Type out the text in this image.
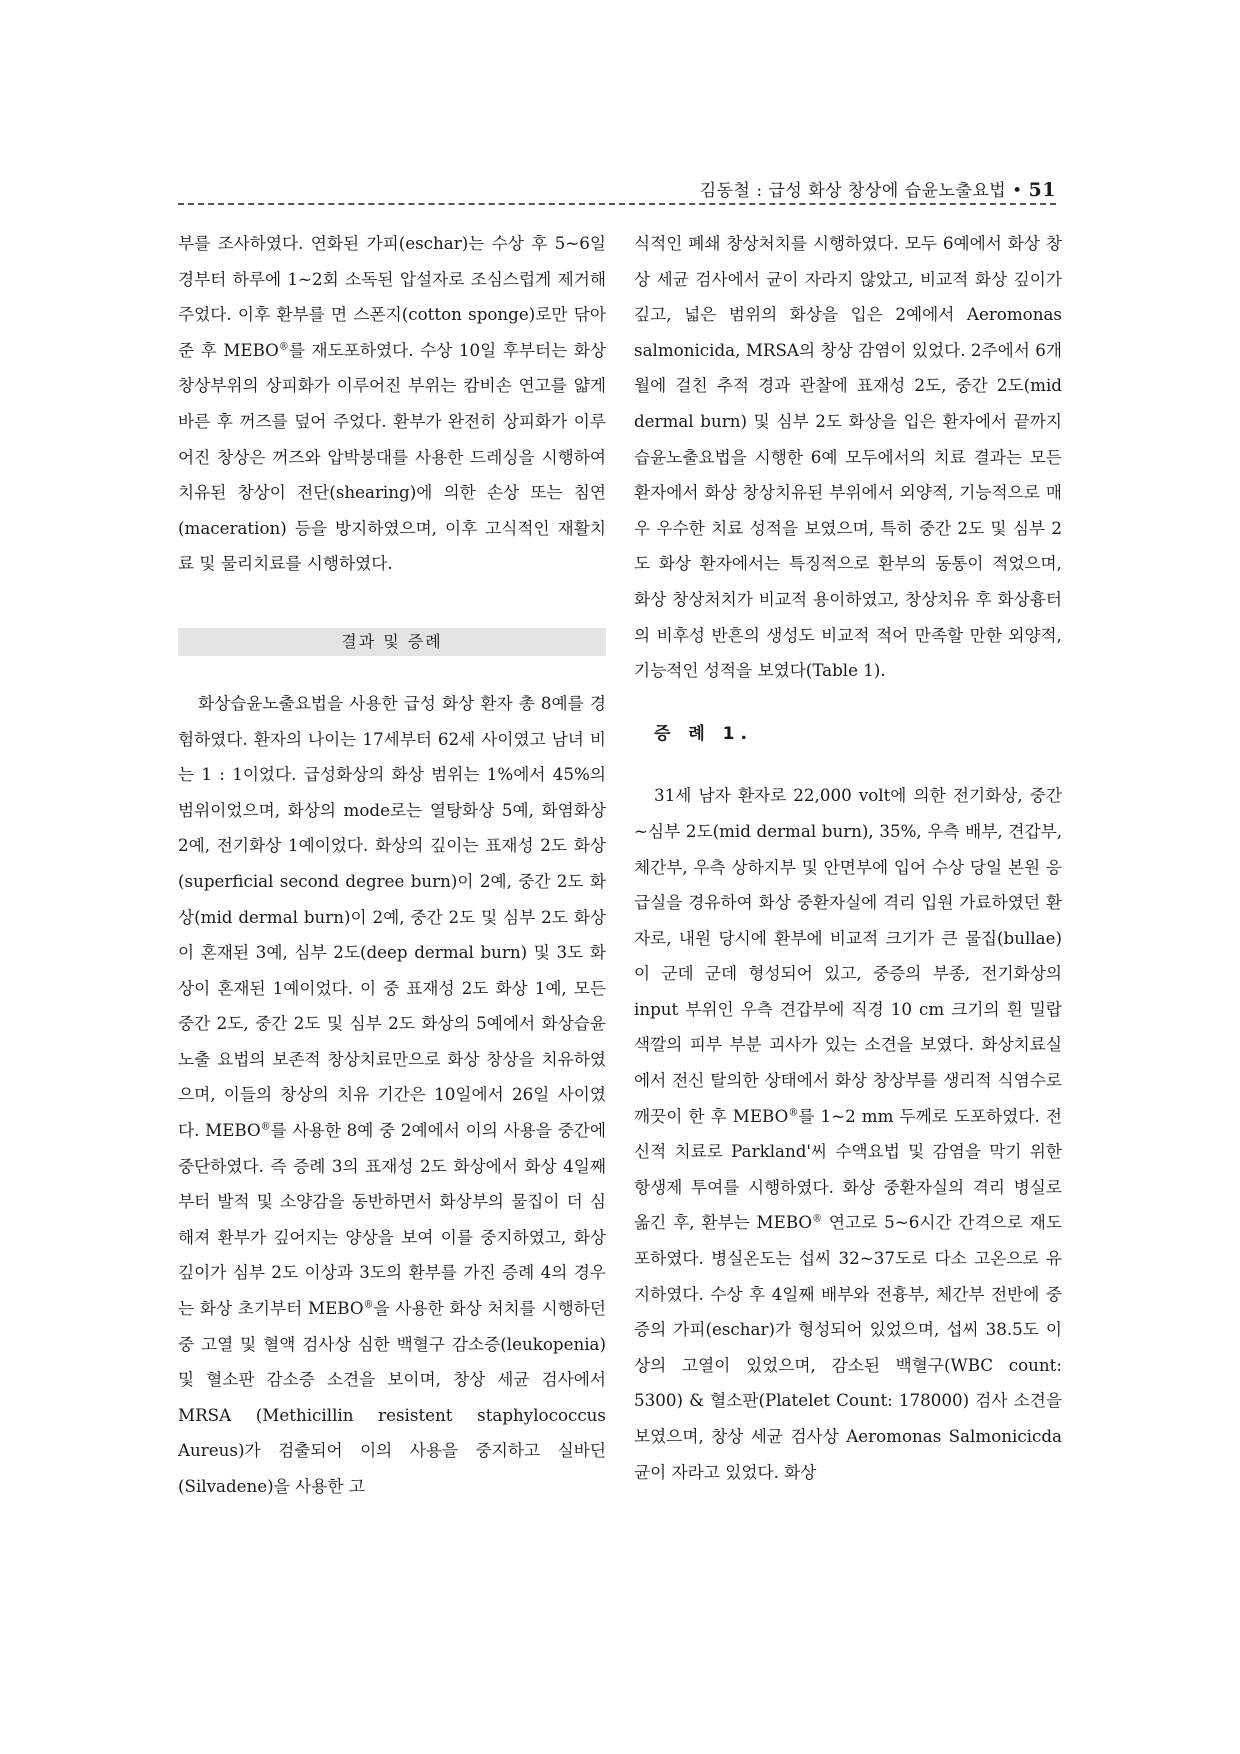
김동철 : 급성 화상 창상에 습윤노출요법 • 51

부를 조사하였다. 연화된 가피(eschar)는 수상 후 5~6일 경부터 하루에 1~2회 소독된 압설자로 조심스럽게 제거해 주었다. 이후 환부를 면 스폰지(cotton sponge)로만 닦아준 후 MEBO®를 재도포하였다. 수상 10일 후부터는 화상 창상부위의 상피화가 이루어진 부위는 캄비손 연고를 얇게 바른 후 꺼즈를 덮어 주었다. 환부가 완전히 상피화가 이루어진 창상은 꺼즈와 압박붕대를 사용한 드레싱을 시행하여 치유된 창상이 전단(shearing)에 의한 손상 또는 침연(maceration) 등을 방지하였으며, 이후 고식적인 재활치료 및 물리치료를 시행하였다.

결과 및 증례

화상습윤노출요법을 사용한 급성 화상 환자 총 8예를 경험하였다. 환자의 나이는 17세부터 62세 사이였고 남녀 비는 1 : 1이었다. 급성화상의 화상 범위는 1%에서 45%의 범위이었으며, 화상의 mode로는 열탕화상 5예, 화염화상 2예, 전기화상 1예이었다. 화상의 깊이는 표재성 2도 화상(superficial second degree burn)이 2예, 중간 2도 화상(mid dermal burn)이 2예, 중간 2도 및 심부 2도 화상이 혼재된 3예, 심부 2도(deep dermal burn) 및 3도 화상이 혼재된 1예이었다. 이 중 표재성 2도 화상 1예, 모든 중간 2도, 중간 2도 및 심부 2도 화상의 5예에서 화상습윤노출 요법의 보존적 창상치료만으로 화상 창상을 치유하였으며, 이들의 창상의 치유 기간은 10일에서 26일 사이였다. MEBO®를 사용한 8예 중 2예에서 이의 사용을 중간에 중단하였다. 즉 증례 3의 표재성 2도 화상에서 화상 4일째부터 발적 및 소양감을 동반하면서 화상부의 물집이 더 심해져 환부가 깊어지는 양상을 보여 이를 중지하였고, 화상 깊이가 심부 2도 이상과 3도의 환부를 가진 증례 4의 경우는 화상 초기부터 MEBO®을 사용한 화상 처치를 시행하던 중 고열 및 혈액 검사상 심한 백혈구 감소증(leukopenia) 및 혈소판 감소증 소견을 보이며, 창상 세균 검사에서 MRSA (Methicillin resistent staphylococcus Aureus)가 검출되어 이의 사용을 중지하고 실바딘(Silvadene)을 사용한 고

식적인 폐쇄 창상처치를 시행하였다. 모두 6예에서 화상 창상 세균 검사에서 균이 자라지 않았고, 비교적 화상 깊이가 깊고, 넓은 범위의 화상을 입은 2예에서 Aeromonas salmonicida, MRSA의 창상 감염이 있었다. 2주에서 6개월에 걸친 추적 경과 관찰에 표재성 2도, 중간 2도(mid dermal burn) 및 심부 2도 화상을 입은 환자에서 끝까지 습윤노출요법을 시행한 6예 모두에서의 치료 결과는 모든 환자에서 화상 창상치유된 부위에서 외양적, 기능적으로 매우 우수한 치료 성적을 보였으며, 특히 중간 2도 및 심부 2도 화상 환자에서는 특징적으로 환부의 동통이 적었으며, 화상 창상처치가 비교적 용이하였고, 창상치유 후 화상흉터의 비후성 반흔의 생성도 비교적 적어 만족할 만한 외양적, 기능적인 성적을 보였다(Table 1).

증 례 1.

31세 남자 환자로 22,000 volt에 의한 전기화상, 중간~심부 2도(mid dermal burn), 35%, 우측 배부, 견갑부, 체간부, 우측 상하지부 및 안면부에 입어 수상 당일 본원 응급실을 경유하여 화상 중환자실에 격리 입원 가료하였던 환자로, 내원 당시에 환부에 비교적 크기가 큰 물집(bullae)이 군데 군데 형성되어 있고, 중증의 부종, 전기화상의 input 부위인 우측 견갑부에 직경 10 cm 크기의 흰 밀랍색깔의 피부 부분 괴사가 있는 소견을 보였다. 화상치료실에서 전신 탈의한 상태에서 화상 창상부를 생리적 식염수로 깨끗이 한 후 MEBO®를 1~2 mm 두께로 도포하였다. 전신적 치료로 Parkland'씨 수액요법 및 감염을 막기 위한 항생제 투여를 시행하였다. 화상 중환자실의 격리 병실로 옮긴 후, 환부는 MEBO® 연고로 5~6시간 간격으로 재도포하였다. 병실온도는 섭씨 32~37도로 다소 고온으로 유지하였다. 수상 후 4일째 배부와 전흉부, 체간부 전반에 중증의 가피(eschar)가 형성되어 있었으며, 섭씨 38.5도 이상의 고열이 있었으며, 감소된 백혈구(WBC count: 5300) & 혈소판(Platelet Count: 178000) 검사 소견을 보였으며, 창상 세균 검사상 Aeromonas Salmonicicda 균이 자라고 있었다. 화상
